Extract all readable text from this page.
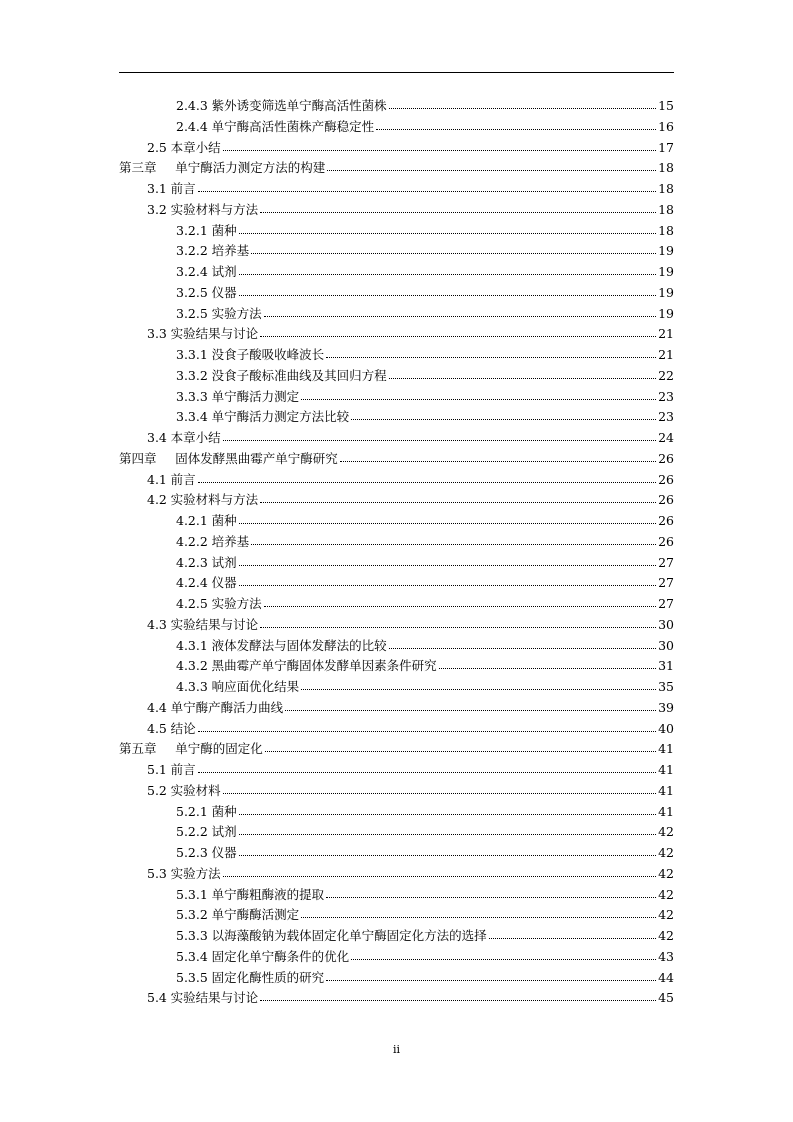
2.4.3 紫外诱变筛选单宁酶高活性菌株	15
2.4.4 单宁酶高活性菌株产酶稳定性	16
2.5 本章小结	17
第三章 单宁酶活力测定方法的构建	18
3.1 前言	18
3.2 实验材料与方法	18
3.2.1 菌种	18
3.2.2 培养基	19
3.2.4 试剂	19
3.2.5 仪器	19
3.2.5 实验方法	19
3.3 实验结果与讨论	21
3.3.1 没食子酸吸收峰波长	21
3.3.2 没食子酸标准曲线及其回归方程	22
3.3.3 单宁酶活力测定	23
3.3.4 单宁酶活力测定方法比较	23
3.4 本章小结	24
第四章 固体发酵黑曲霉产单宁酶研究	26
4.1 前言	26
4.2 实验材料与方法	26
4.2.1 菌种	26
4.2.2 培养基	26
4.2.3 试剂	27
4.2.4 仪器	27
4.2.5 实验方法	27
4.3 实验结果与讨论	30
4.3.1 液体发酵法与固体发酵法的比较	30
4.3.2 黑曲霉产单宁酶固体发酵单因素条件研究	31
4.3.3 响应面优化结果	35
4.4 单宁酶产酶活力曲线	39
4.5 结论	40
第五章 单宁酶的固定化	41
5.1 前言	41
5.2 实验材料	41
5.2.1 菌种	41
5.2.2 试剂	42
5.2.3 仪器	42
5.3 实验方法	42
5.3.1 单宁酶粗酶液的提取	42
5.3.2 单宁酶酶活测定	42
5.3.3 以海藻酸钠为载体固定化单宁酶固定化方法的选择	42
5.3.4 固定化单宁酶条件的优化	43
5.3.5 固定化酶性质的研究	44
5.4 实验结果与讨论	45
ii
